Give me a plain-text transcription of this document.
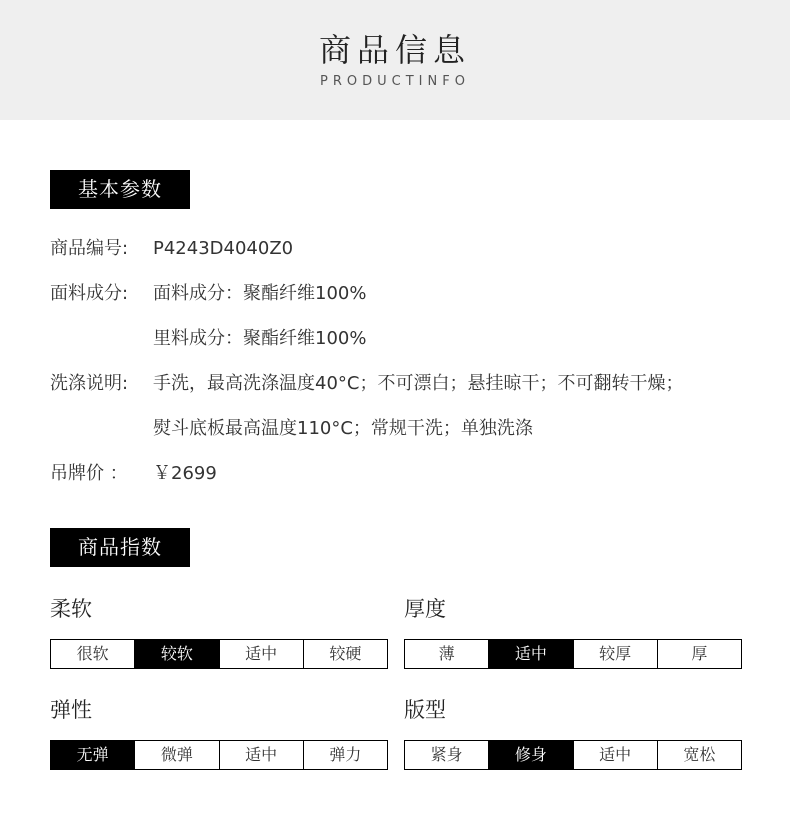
商品信息
PRODUCTINFO
基本参数
商品编号: P4243D4040Z0
面料成分: 面料成分：聚酯纤维100%
里料成分：聚酯纤维100%
洗涤说明: 手洗，最高洗涤温度40°C；不可漂白；悬挂晾干；不可翻转干燥；
熨斗底板最高温度110°C；常规干洗；单独洗涤
吊牌价 ： ￥2699
商品指数
柔软
很软	较软	适中	较硬
厚度
薄	适中	较厚	厚
弹性
无弹	微弹	适中	弹力
版型
紧身	修身	适中	宽松
